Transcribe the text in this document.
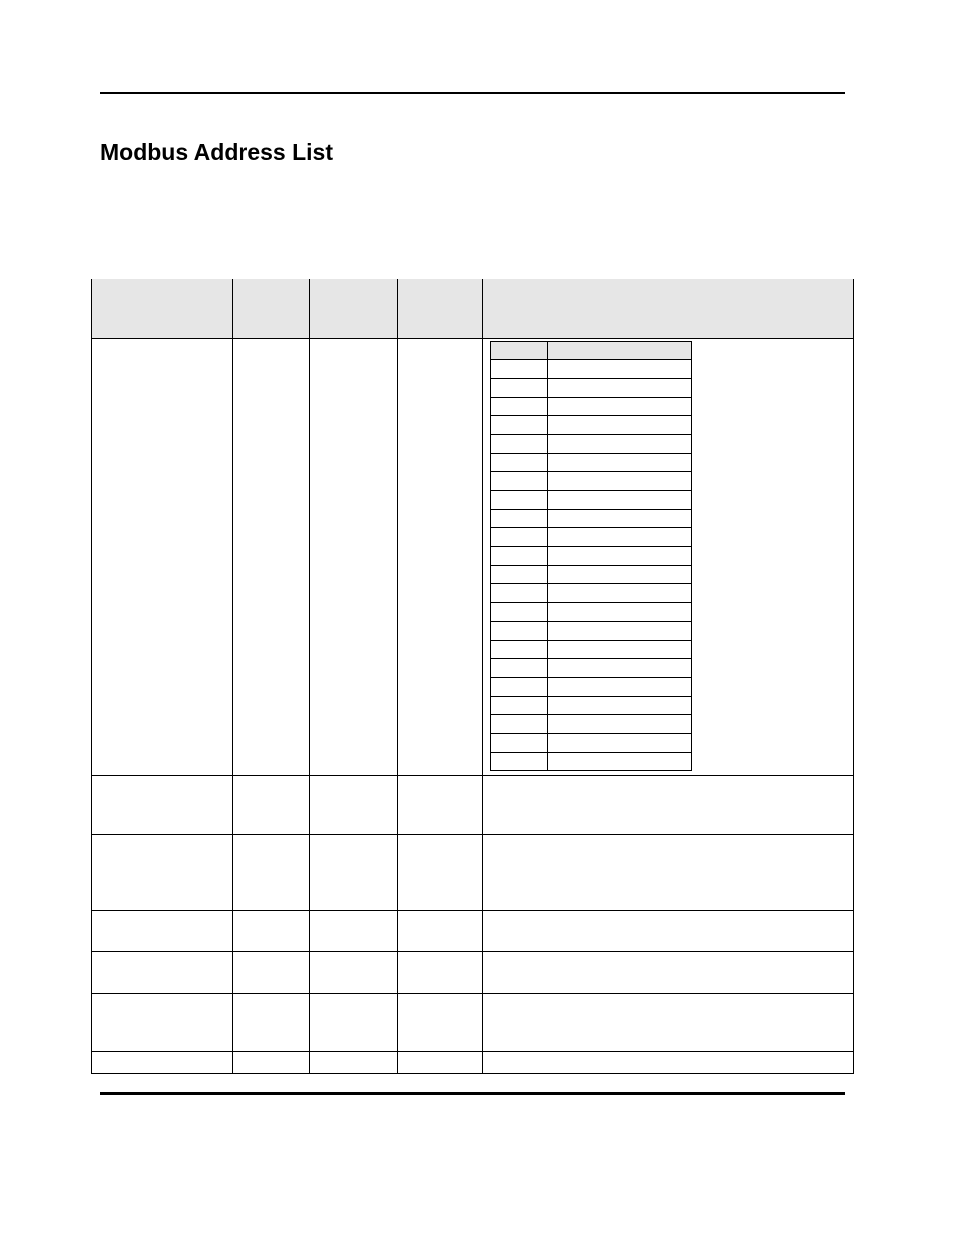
Modbus Address List
